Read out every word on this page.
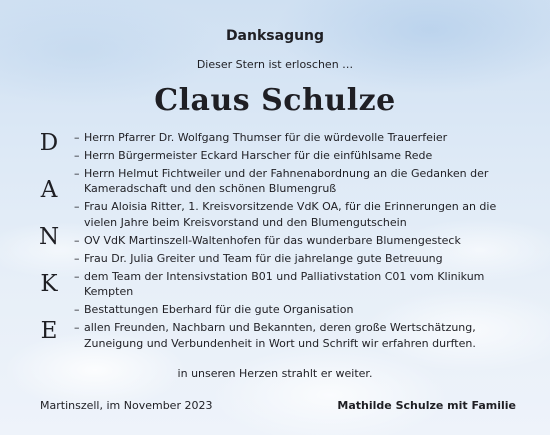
Danksagung
Dieser Stern ist erloschen …
Claus Schulze
D
A
N
K
E
– Herrn Pfarrer Dr. Wolfgang Thumser für die würdevolle Trauerfeier
– Herrn Bürgermeister Eckard Harscher für die einfühlsame Rede
– Herrn Helmut Fichtweiler und der Fahnenabordnung an die Gedanken der Kameradschaft und den schönen Blumengruß
– Frau Aloisia Ritter, 1. Kreisvorsitzende VdK OA, für die Erinnerungen an die vielen Jahre beim Kreisvorstand und den Blumengutschein
– OV VdK Martinszell-Waltenhofen für das wunderbare Blumengesteck
– Frau Dr. Julia Greiter und Team für die jahrelange gute Betreuung
– dem Team der Intensivstation B01 und Palliativstation C01 vom Klinikum Kempten
– Bestattungen Eberhard für die gute Organisation
– allen Freunden, Nachbarn und Bekannten, deren große Wertschätzung, Zuneigung und Verbundenheit in Wort und Schrift wir erfahren durften.
in unseren Herzen strahlt er weiter.
Martinszell, im November 2023	Mathilde Schulze mit Familie
